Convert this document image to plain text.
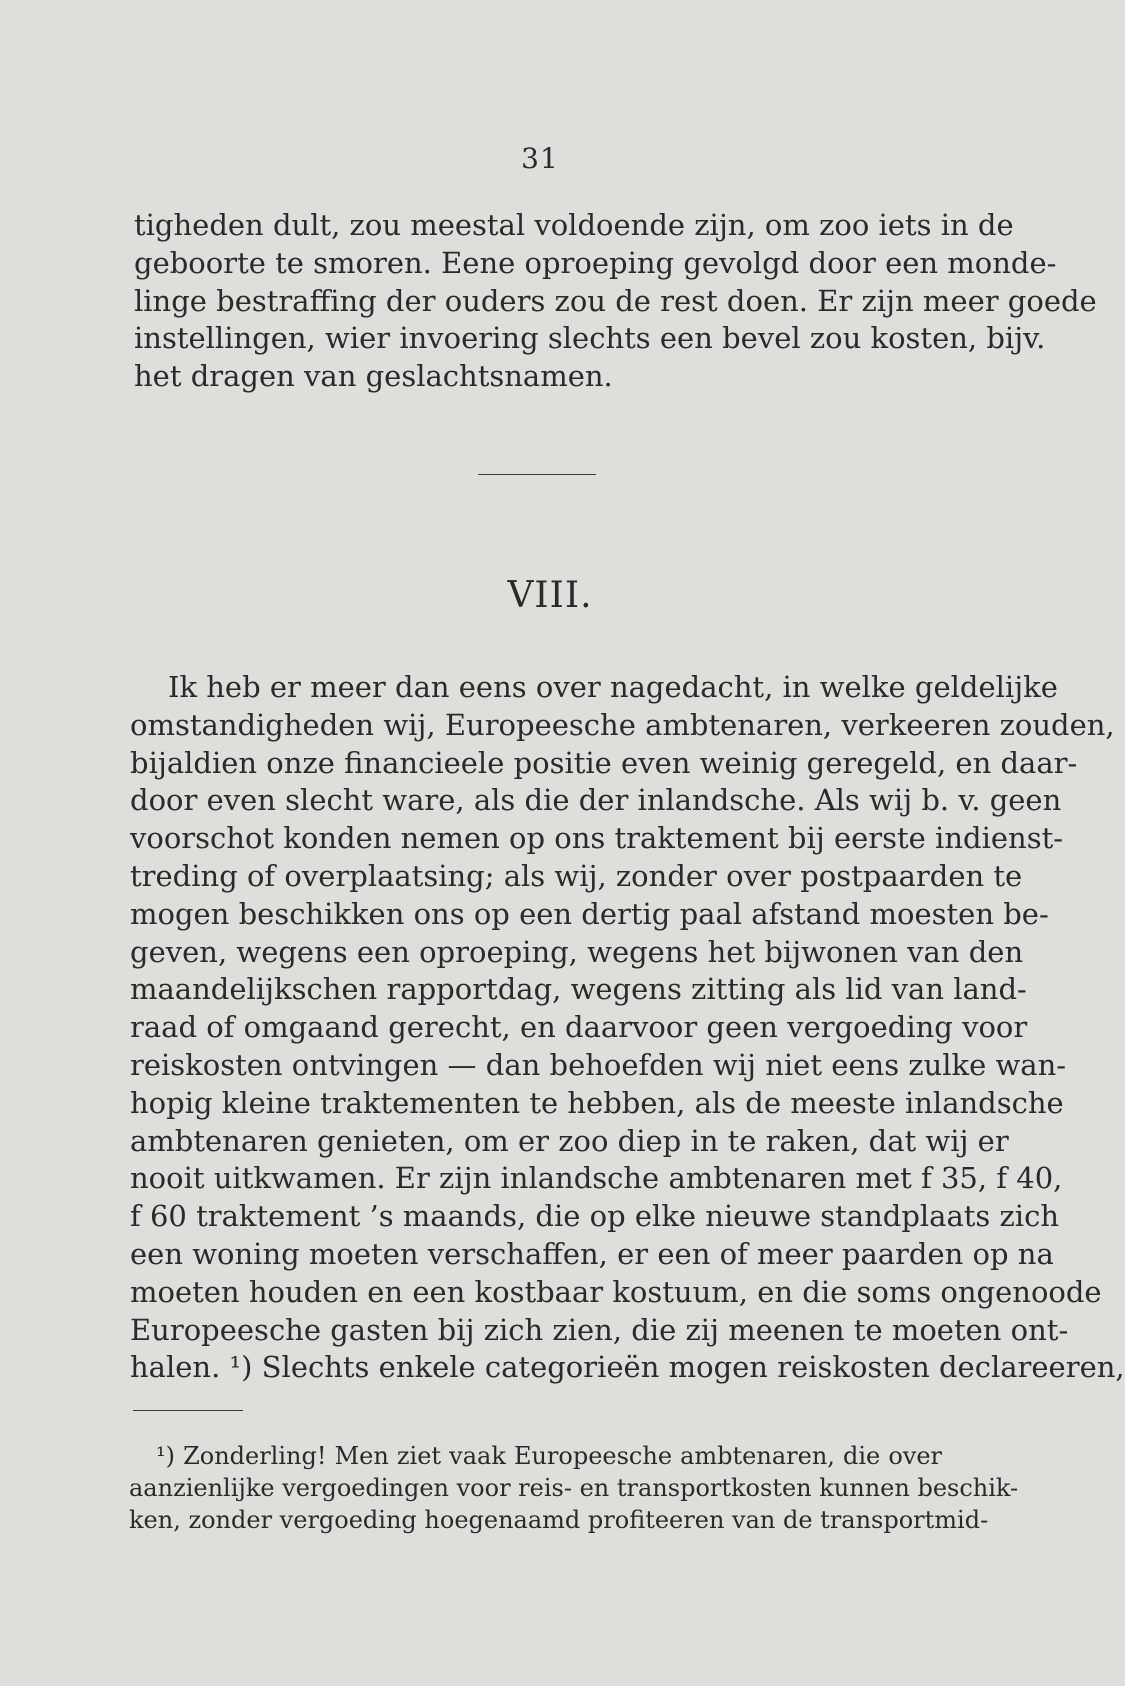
31
tigheden dult, zou meestal voldoende zijn, om zoo iets in de
geboorte te smoren. Eene oproeping gevolgd door een monde-
linge bestraffing der ouders zou de rest doen. Er zijn meer goede
instellingen, wier invoering slechts een bevel zou kosten, bijv.
het dragen van geslachtsnamen.
VIII.
Ik heb er meer dan eens over nagedacht, in welke geldelijke
omstandigheden wij, Europeesche ambtenaren, verkeeren zouden,
bijaldien onze financieele positie even weinig geregeld, en daar-
door even slecht ware, als die der inlandsche. Als wij b. v. geen
voorschot konden nemen op ons traktement bij eerste indienst-
treding of overplaatsing; als wij, zonder over postpaarden te
mogen beschikken ons op een dertig paal afstand moesten be-
geven, wegens een oproeping, wegens het bijwonen van den
maandelijkschen rapportdag, wegens zitting als lid van land-
raad of omgaand gerecht, en daarvoor geen vergoeding voor
reiskosten ontvingen — dan behoefden wij niet eens zulke wan-
hopig kleine traktementen te hebben, als de meeste inlandsche
ambtenaren genieten, om er zoo diep in te raken, dat wij er
nooit uitkwamen. Er zijn inlandsche ambtenaren met f 35, f 40,
f 60 traktement ’s maands, die op elke nieuwe standplaats zich
een woning moeten verschaffen, er een of meer paarden op na
moeten houden en een kostbaar kostuum, en die soms ongenoode
Europeesche gasten bij zich zien, die zij meenen te moeten ont-
halen. ¹) Slechts enkele categorieën mogen reiskosten declareeren,
¹) Zonderling! Men ziet vaak Europeesche ambtenaren, die over
aanzienlijke vergoedingen voor reis- en transportkosten kunnen beschik-
ken, zonder vergoeding hoegenaamd profiteeren van de transportmid-
